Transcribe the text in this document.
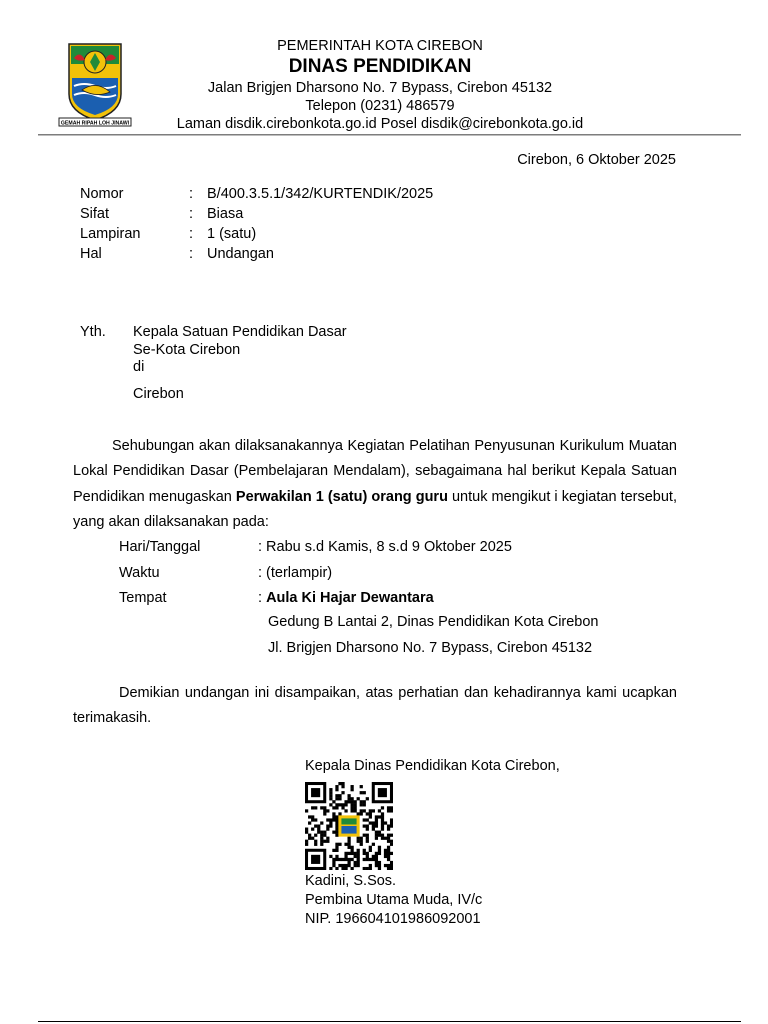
GEMAH RIPAH LOH JINAWI
PEMERINTAH KOTA CIREBON
DINAS PENDIDIKAN
Jalan Brigjen Dharsono No. 7 Bypass, Cirebon 45132
Telepon (0231) 486579
Laman disdik.cirebonkota.go.id Posel disdik@cirebonkota.go.id
Cirebon, 6 Oktober 2025
Nomor	: B/400.3.5.1/342/KURTENDIK/2025
Sifat	: Biasa
Lampiran	: 1 (satu)
Hal	: Undangan
Yth. Kepala Satuan Pendidikan Dasar
Se-Kota Cirebon
di
Cirebon
Sehubungan akan dilaksanakannya Kegiatan Pelatihan Penyusunan Kurikulum Muatan Lokal Pendidikan Dasar (Pembelajaran Mendalam), sebagaimana hal berikut Kepala Satuan Pendidikan menugaskan Perwakilan 1 (satu) orang guru untuk mengikut i kegiatan tersebut, yang akan dilaksanakan pada:
Hari/Tanggal	: Rabu s.d Kamis, 8 s.d 9 Oktober 2025
Waktu	: (terlampir)
Tempat	: Aula Ki Hajar Dewantara
Gedung B Lantai 2, Dinas Pendidikan Kota Cirebon
Jl. Brigjen Dharsono No. 7 Bypass, Cirebon 45132
Demikian undangan ini disampaikan, atas perhatian dan kehadirannya kami ucapkan terimakasih.
Kepala Dinas Pendidikan Kota Cirebon,
Kadini, S.Sos.
Pembina Utama Muda, IV/c
NIP. 196604101986092001
